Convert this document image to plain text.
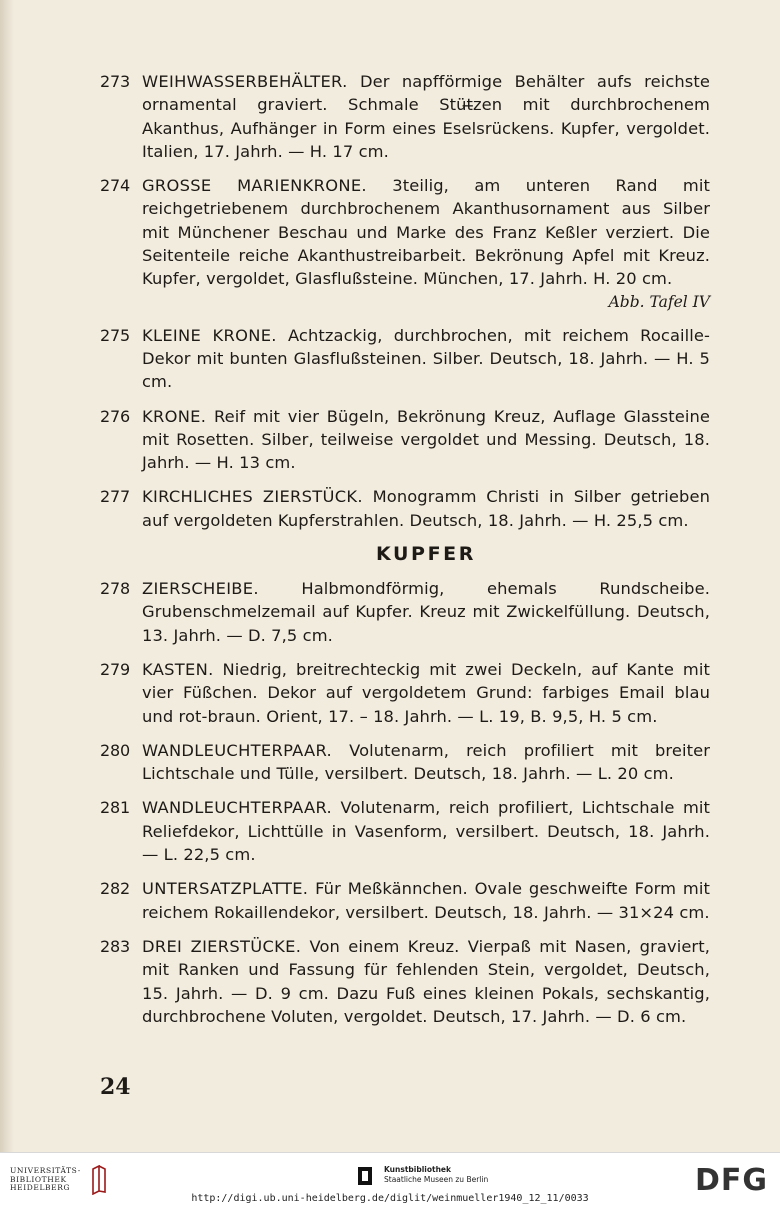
273 WEIHWASSERBEHÄLTER. Der napfförmige Behälter aufs reichste ornamental graviert. Schmale Stüt̶zen mit durchbrochenem Akanthus, Aufhänger in Form eines Eselsrückens. Kupfer, vergoldet. Italien, 17. Jahrh. — H. 17 cm.
274 GROSSE MARIENKRONE. 3teilig, am unteren Rand mit reichgetriebenem durchbrochenem Akanthusornament aus Silber mit Münchener Beschau und Marke des Franz Keßler verziert. Die Seitenteile reiche Akanthustreibarbeit. Bekrönung Apfel mit Kreuz. Kupfer, vergoldet, Glasflußsteine. München, 17. Jahrh. H. 20 cm.
Abb. Tafel IV
275 KLEINE KRONE. Achtzackig, durchbrochen, mit reichem Rocaille-Dekor mit bunten Glasflußsteinen. Silber. Deutsch, 18. Jahrh. — H. 5 cm.
276 KRONE. Reif mit vier Bügeln, Bekrönung Kreuz, Auflage Glassteine mit Rosetten. Silber, teilweise vergoldet und Messing. Deutsch, 18. Jahrh. — H. 13 cm.
277 KIRCHLICHES ZIERSTÜCK. Monogramm Christi in Silber getrieben auf vergoldeten Kupferstrahlen. Deutsch, 18. Jahrh. — H. 25,5 cm.
KUPFER
278 ZIERSCHEIBE.	Halbmondförmig, ehemals Rundscheibe. Grubenschmelzemail auf Kupfer. Kreuz mit Zwickelfüllung. Deutsch, 13. Jahrh. — D. 7,5 cm.
279 KASTEN. Niedrig, breitrechteckig mit zwei Deckeln, auf Kante mit vier Füßchen. Dekor auf vergoldetem Grund: farbiges Email blau und rot-braun. Orient, 17. – 18. Jahrh. — L. 19, B. 9,5, H. 5 cm.
280 WANDLEUCHTERPAAR. Volutenarm, reich profiliert mit breiter Lichtschale und Tülle, versilbert. Deutsch, 18. Jahrh. — L. 20 cm.
281 WANDLEUCHTERPAAR. Volutenarm, reich profiliert, Lichtschale mit Reliefdekor, Lichttülle in Vasenform, versilbert. Deutsch, 18. Jahrh. — L. 22,5 cm.
282 UNTERSATZPLATTE. Für Meßkännchen. Ovale geschweifte Form mit reichem Rokaillendekor, versilbert. Deutsch, 18. Jahrh. — 31×24 cm.
283 DREI ZIERSTÜCKE. Von einem Kreuz. Vierpaß mit Nasen, graviert, mit Ranken und Fassung für fehlenden Stein, vergoldet, Deutsch, 15. Jahrh. — D. 9 cm. Dazu Fuß eines kleinen Pokals, sechskantig, durchbrochene Voluten, vergoldet. Deutsch, 17. Jahrh. — D. 6 cm.
24
UNIVERSITÄTS-
BIBLIOTHEK
HEIDELBERG
Kunstbibliothek
Staatliche Museen zu Berlin	DFG
http://digi.ub.uni-heidelberg.de/diglit/weinmueller1940_12_11/0033
